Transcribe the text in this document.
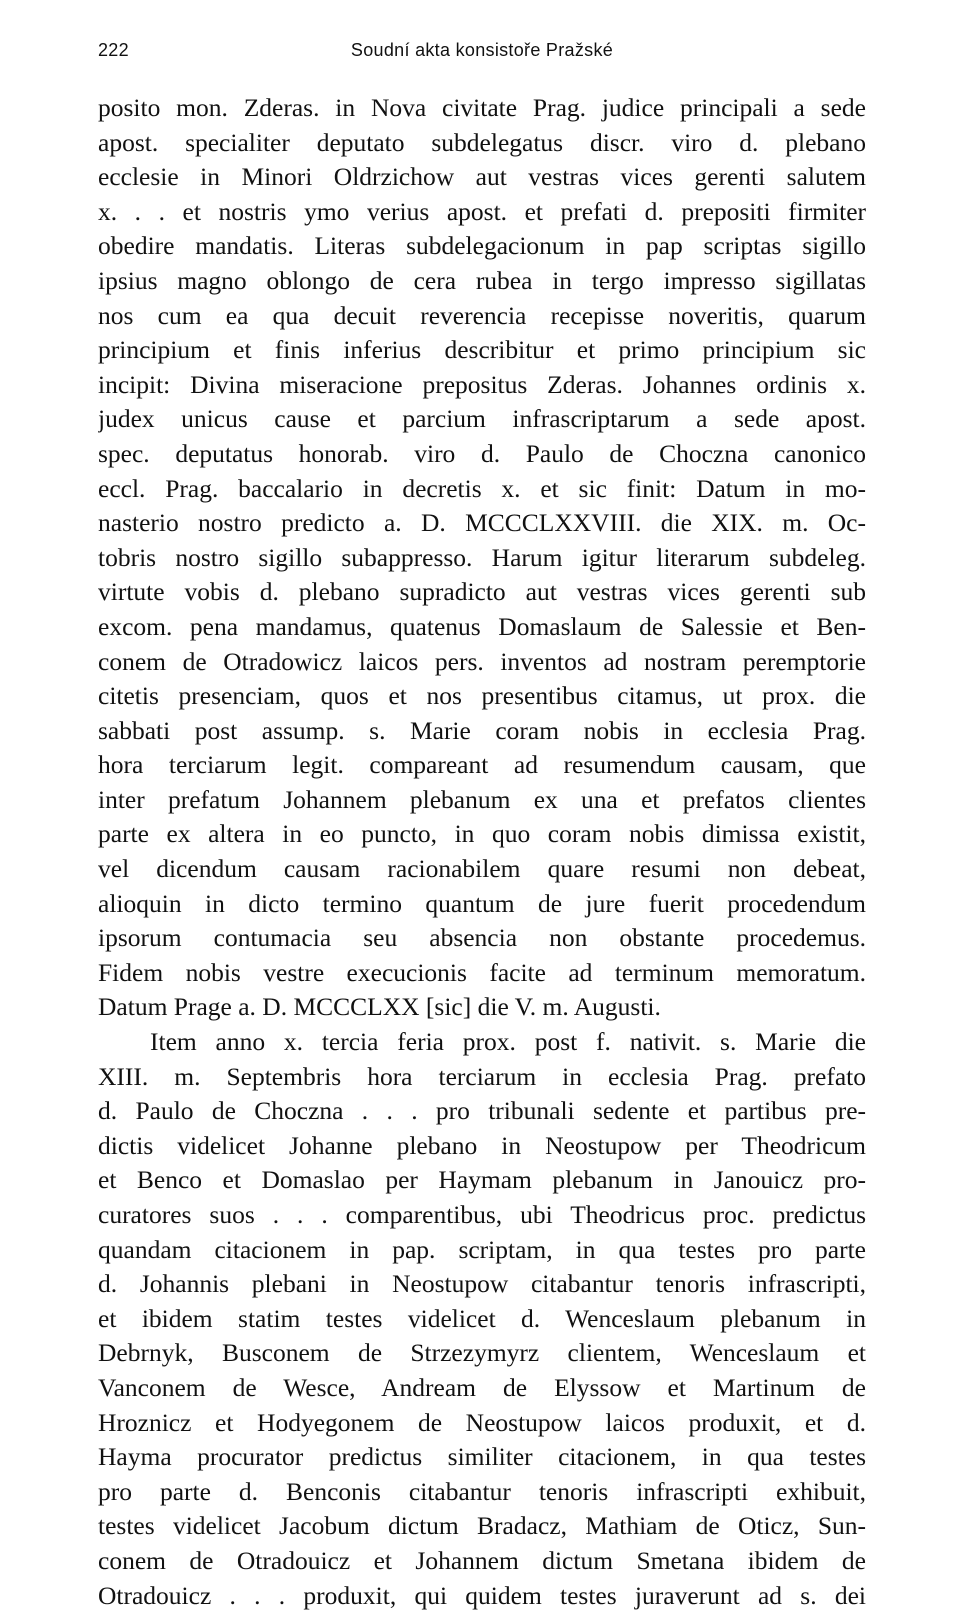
222	Soudní akta konsistoře Pražské
posito mon. Zderas. in Nova civitate Prag. judice principali a sede
apost. specialiter deputato subdelegatus discr. viro d. plebano
ecclesie in Minori Oldrzichow aut vestras vices gerenti salutem
x. . . et nostris ymo verius apost. et prefati d. prepositi firmiter
obedire mandatis. Literas subdelegacionum in pap scriptas sigillo
ipsius magno oblongo de cera rubea in tergo impresso sigillatas
nos cum ea qua decuit reverencia recepisse noveritis, quarum
principium et finis inferius describitur et primo principium sic
incipit: Divina miseracione prepositus Zderas. Johannes ordinis x.
judex unicus cause et parcium infrascriptarum a sede apost.
spec. deputatus honorab. viro d. Paulo de Choczna canonico
eccl. Prag. baccalario in decretis x. et sic finit: Datum in mo-
nasterio nostro predicto a. D. MCCCLXXVIII. die XIX. m. Oc-
tobris nostro sigillo subappresso. Harum igitur literarum subdeleg.
virtute vobis d. plebano supradicto aut vestras vices gerenti sub
excom. pena mandamus, quatenus Domaslaum de Salessie et Ben-
conem de Otradowicz laicos pers. inventos ad nostram peremptorie
citetis presenciam, quos et nos presentibus citamus, ut prox. die
sabbati post assump. s. Marie coram nobis in ecclesia Prag.
hora terciarum legit. compareant ad resumendum causam, que
inter prefatum Johannem plebanum ex una et prefatos clientes
parte ex altera in eo puncto, in quo coram nobis dimissa existit,
vel dicendum causam racionabilem quare resumi non debeat,
alioquin in dicto termino quantum de jure fuerit procedendum
ipsorum contumacia seu absencia non obstante procedemus.
Fidem nobis vestre execucionis facite ad terminum memoratum.
Datum Prage a. D. MCCCLXX [sic] die V. m. Augusti.
Item anno x. tercia feria prox. post f. nativit. s. Marie die
XIII. m. Septembris hora terciarum in ecclesia Prag. prefato
d. Paulo de Choczna . . . pro tribunali sedente et partibus pre-
dictis videlicet Johanne plebano in Neostupow per Theodricum
et Benco et Domaslao per Haymam plebanum in Janouicz pro-
curatores suos . . . comparentibus, ubi Theodricus proc. predictus
quandam citacionem in pap. scriptam, in qua testes pro parte
d. Johannis plebani in Neostupow citabantur tenoris infrascripti,
et ibidem statim testes videlicet d. Wenceslaum plebanum in
Debrnyk, Busconem de Strzezymyrz clientem, Wenceslaum et
Vanconem de Wesce, Andream de Elyssow et Martinum de
Hroznicz et Hodyegonem de Neostupow laicos produxit, et d.
Hayma procurator predictus similiter citacionem, in qua testes
pro parte d. Benconis citabantur tenoris infrascripti exhibuit,
testes videlicet Jacobum dictum Bradacz, Mathiam de Oticz, Sun-
conem de Otradouicz et Johannem dictum Smetana ibidem de
Otradouicz . . . produxit, qui quidem testes juraverunt ad s. dei
